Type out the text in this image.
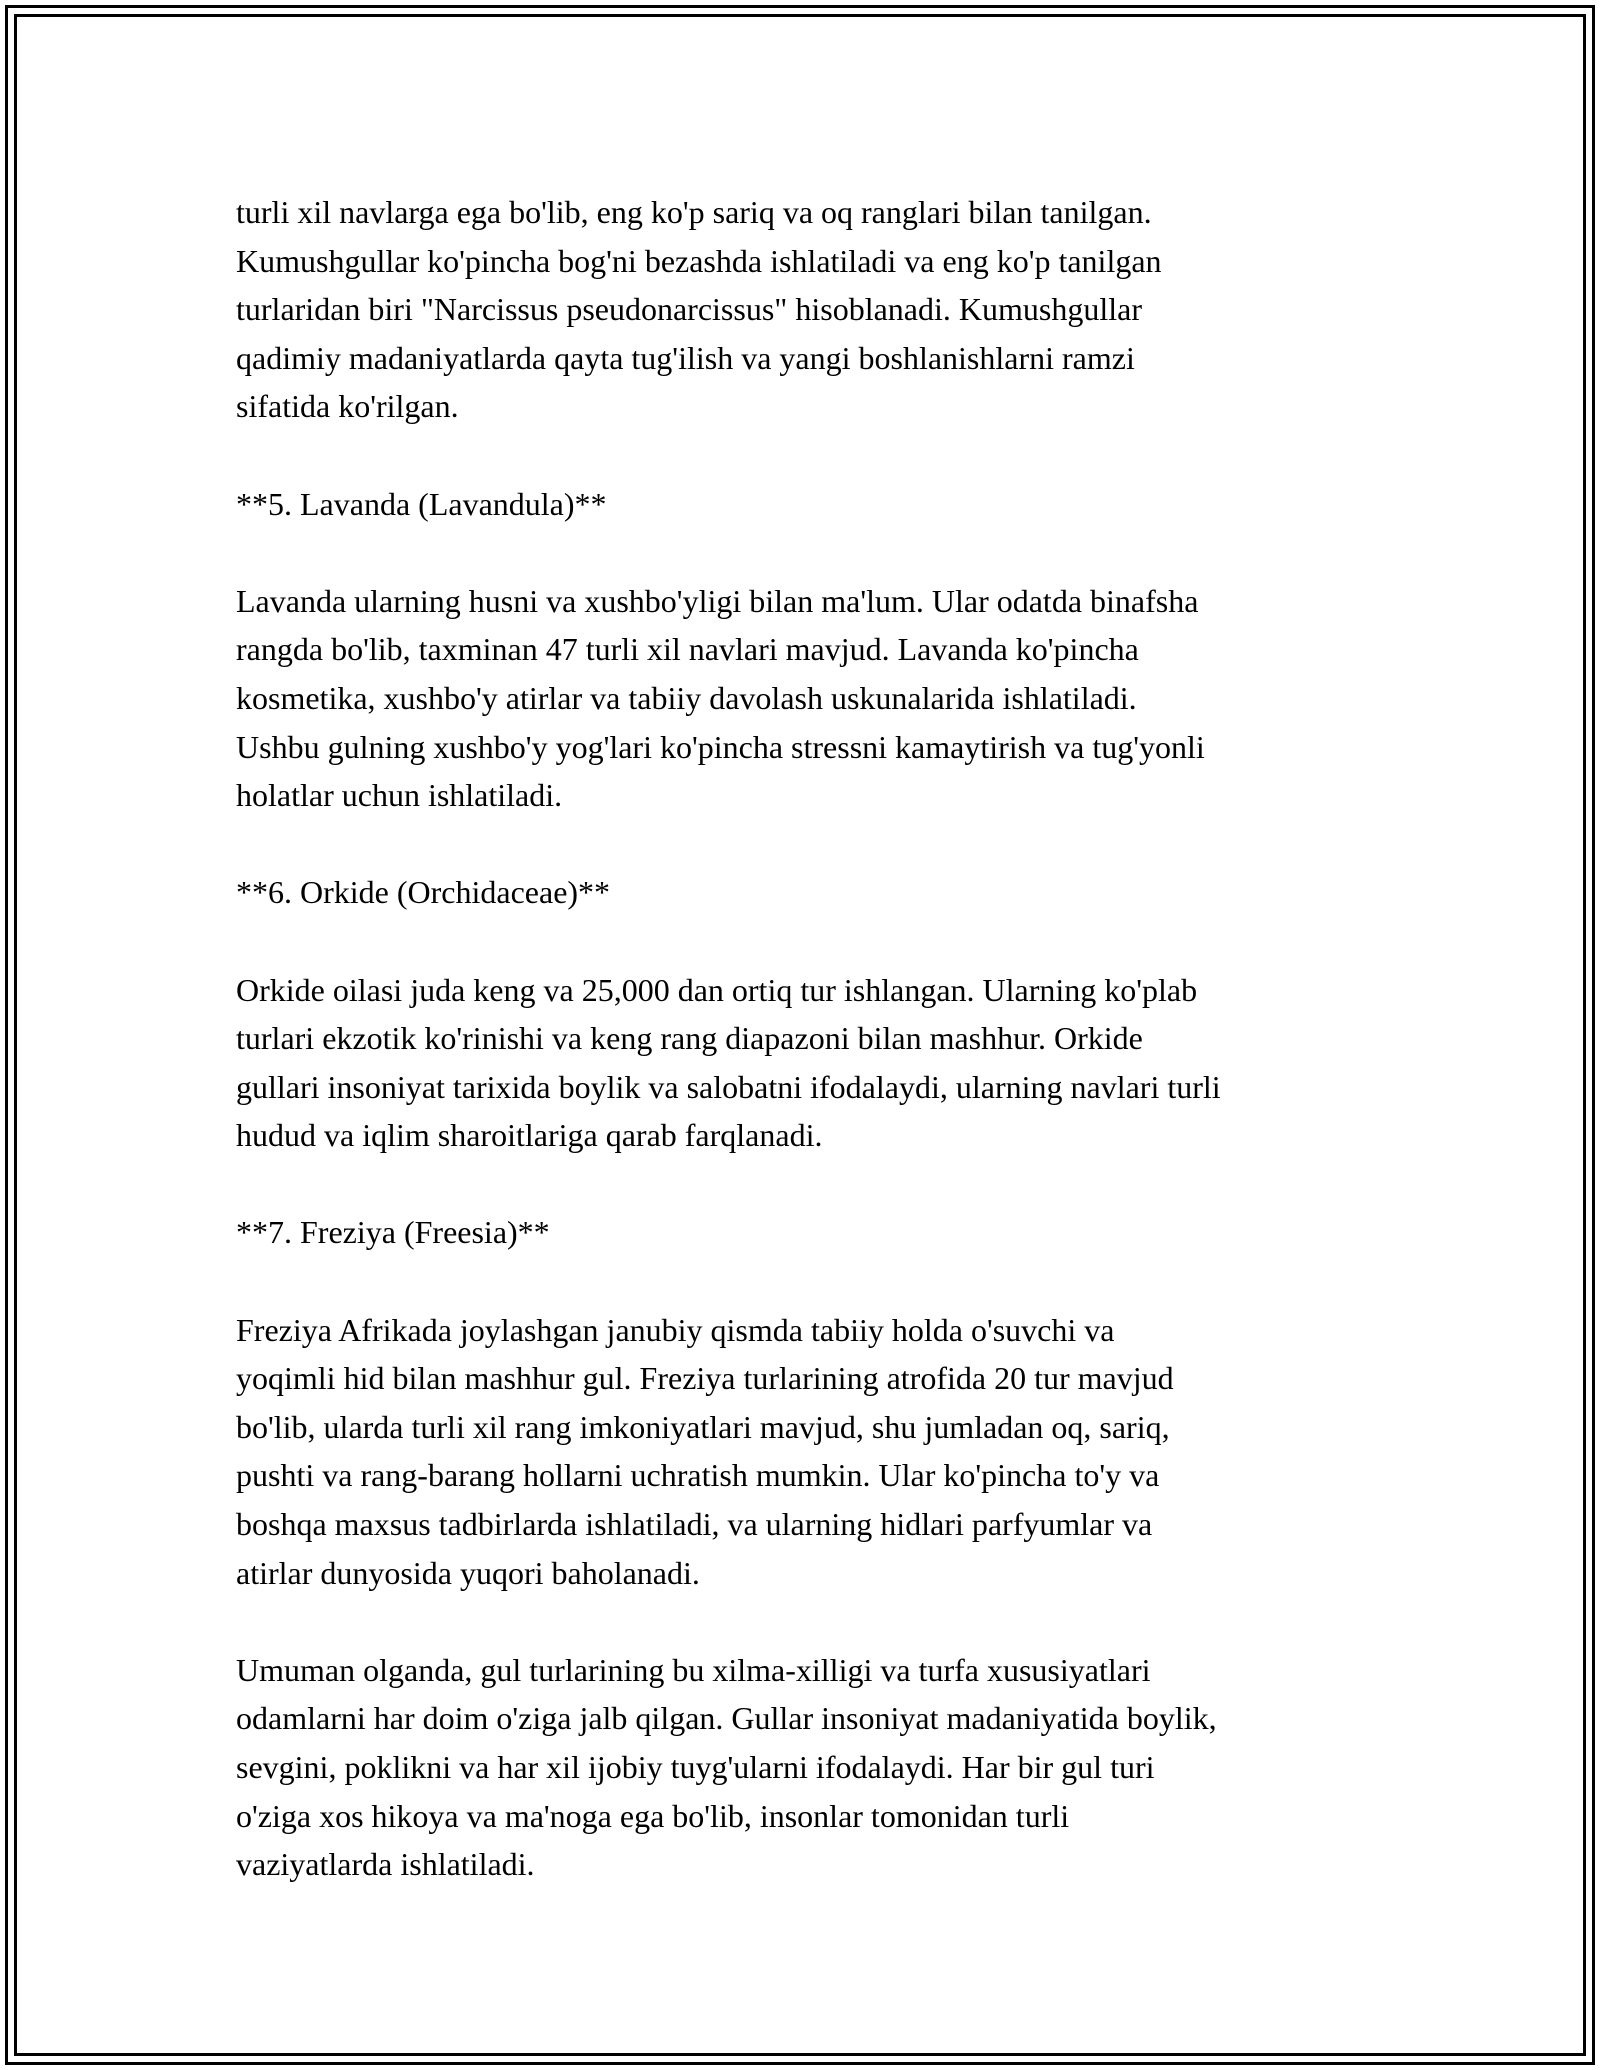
turli xil navlarga ega bo'lib, eng ko'p sariq va oq ranglari bilan tanilgan.
Kumushgullar ko'pincha bog'ni bezashda ishlatiladi va eng ko'p tanilgan
turlaridan biri "Narcissus pseudonarcissus" hisoblanadi. Kumushgullar
qadimiy madaniyatlarda qayta tug'ilish va yangi boshlanishlarni ramzi
sifatida ko'rilgan.
**5. Lavanda (Lavandula)**
Lavanda ularning husni va xushbo'yligi bilan ma'lum. Ular odatda binafsha
rangda bo'lib, taxminan 47 turli xil navlari mavjud. Lavanda ko'pincha
kosmetika, xushbo'y atirlar va tabiiy davolash uskunalarida ishlatiladi.
Ushbu gulning xushbo'y yog'lari ko'pincha stressni kamaytirish va tug'yonli
holatlar uchun ishlatiladi.
**6. Orkide (Orchidaceae)**
Orkide oilasi juda keng va 25,000 dan ortiq tur ishlangan. Ularning ko'plab
turlari ekzotik ko'rinishi va keng rang diapazoni bilan mashhur. Orkide
gullari insoniyat tarixida boylik va salobatni ifodalaydi, ularning navlari turli
hudud va iqlim sharoitlariga qarab farqlanadi.
**7. Freziya (Freesia)**
Freziya Afrikada joylashgan janubiy qismda tabiiy holda o'suvchi va
yoqimli hid bilan mashhur gul. Freziya turlarining atrofida 20 tur mavjud
bo'lib, ularda turli xil rang imkoniyatlari mavjud, shu jumladan oq, sariq,
pushti va rang-barang hollarni uchratish mumkin. Ular ko'pincha to'y va
boshqa maxsus tadbirlarda ishlatiladi, va ularning hidlari parfyumlar va
atirlar dunyosida yuqori baholanadi.
Umuman olganda, gul turlarining bu xilma-xilligi va turfa xususiyatlari
odamlarni har doim o'ziga jalb qilgan. Gullar insoniyat madaniyatida boylik,
sevgini, poklikni va har xil ijobiy tuyg'ularni ifodalaydi. Har bir gul turi
o'ziga xos hikoya va ma'noga ega bo'lib, insonlar tomonidan turli
vaziyatlarda ishlatiladi.
